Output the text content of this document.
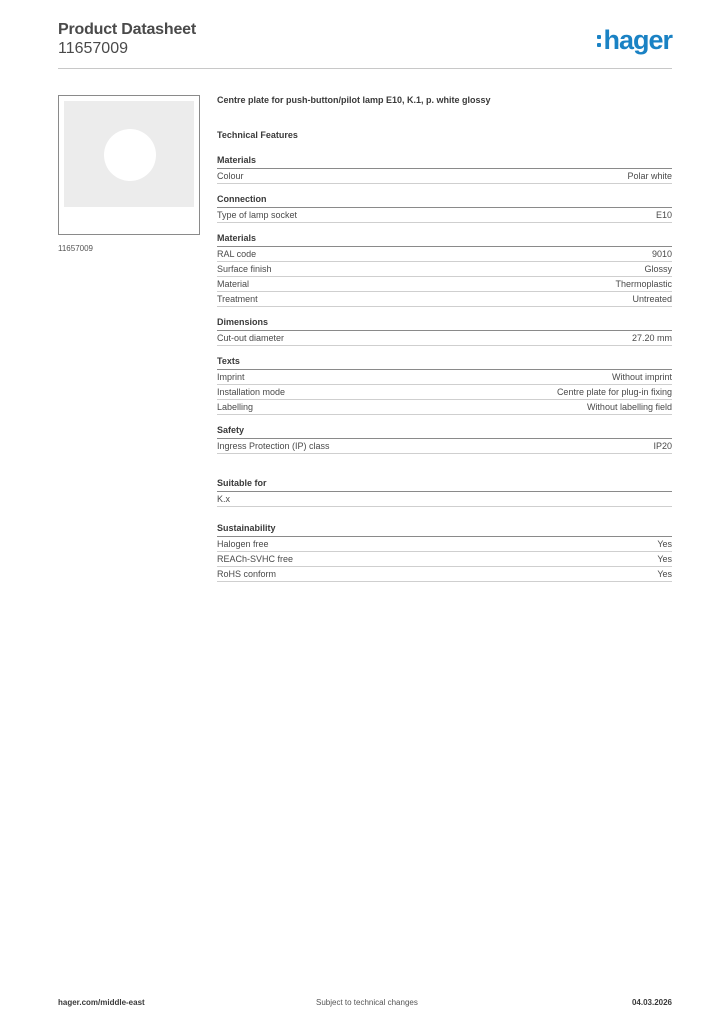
Product Datasheet
11657009	hager
11657009
Centre plate for push-button/pilot lamp E10, K.1, p. white glossy
Technical Features
Materials
Colour	Polar white
Connection
Type of lamp socket	E10
Materials
RAL code	9010
Surface finish	Glossy
Material	Thermoplastic
Treatment	Untreated
Dimensions
Cut-out diameter	27.20 mm
Texts
Imprint	Without imprint
Installation mode	Centre plate for plug-in fixing
Labelling	Without labelling field
Safety
Ingress Protection (IP) class	IP20
Suitable for
K.x
Sustainability
Halogen free	Yes
REACh-SVHC free	Yes
RoHS conform	Yes
hager.com/middle-east	Subject to technical changes	04.03.2026
